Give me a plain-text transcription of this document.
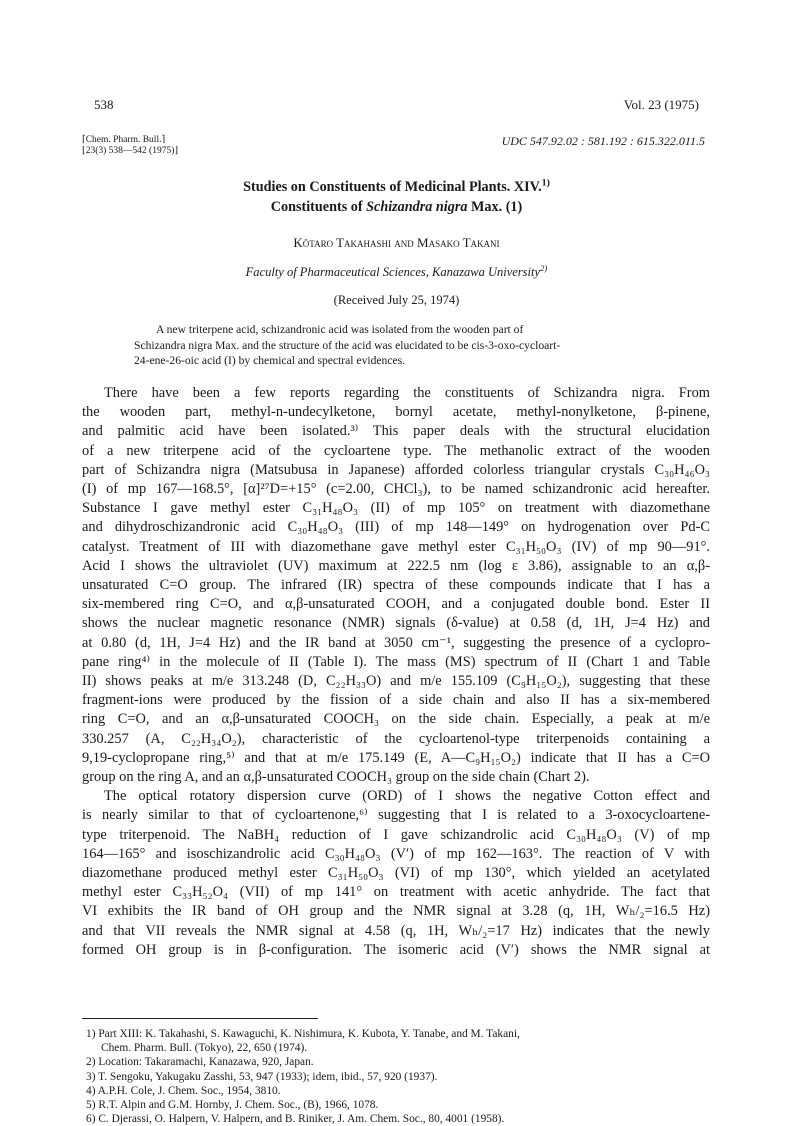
538	Vol. 23 (1975)
⌈Chem. Pharm. Bull.⌉
⌊23(3) 538—542 (1975)⌋
UDC 547.92.02 : 581.192 : 615.322.011.5
Studies on Constituents of Medicinal Plants. XIV.$^{1)}$
Constituents of Schizandra nigra Max. (1)
Kōtaro Takahashi and Masako Takani
Faculty of Pharmaceutical Sciences, Kanazawa University$^{2)}$
(Received July 25, 1974)
A new triterpene acid, schizandronic acid was isolated from the wooden part of
Schizandra nigra Max. and the structure of the acid was elucidated to be cis-3-oxo-cycloart-
24-ene-26-oic acid (I) by chemical and spectral evidences.
There have been a few reports regarding the constituents of Schizandra nigra. From
the wooden part, methyl-n-undecylketone, bornyl acetate, methyl-nonylketone, β-pinene,
and palmitic acid have been isolated.³⁾ This paper deals with the structural elucidation
of a new triterpene acid of the cycloartene type. The methanolic extract of the wooden
part of Schizandra nigra (Matsubusa in Japanese) afforded colorless triangular crystals C₃₀H₄₆O₃
(I) of mp 167—168.5°, [α]²⁷D=+15° (c=2.00, CHCl₃), to be named schizandronic acid hereafter.
Substance I gave methyl ester C₃₁H₄₈O₃ (II) of mp 105° on treatment with diazomethane
and dihydroschizandronic acid C₃₀H₄₈O₃ (III) of mp 148—149° on hydrogenation over Pd-C
catalyst. Treatment of III with diazomethane gave methyl ester C₃₁H₅₀O₃ (IV) of mp 90—91°.
Acid I shows the ultraviolet (UV) maximum at 222.5 nm (log ε 3.86), assignable to an α,β-
unsaturated C=O group. The infrared (IR) spectra of these compounds indicate that I has a
six-membered ring C=O, and α,β-unsaturated COOH, and a conjugated double bond. Ester II
shows the nuclear magnetic resonance (NMR) signals (δ-value) at 0.58 (d, 1H, J=4 Hz) and
at 0.80 (d, 1H, J=4 Hz) and the IR band at 3050 cm⁻¹, suggesting the presence of a cyclopro-
pane ring⁴⁾ in the molecule of II (Table I). The mass (MS) spectrum of II (Chart 1 and Table
II) shows peaks at m/e 313.248 (D, C₂₂H₃₃O) and m/e 155.109 (C₉H₁₅O₂), suggesting that these
fragment-ions were produced by the fission of a side chain and also II has a six-membered
ring C=O, and an α,β-unsaturated COOCH₃ on the side chain. Especially, a peak at m/e
330.257 (A, C₂₂H₃₄O₂), characteristic of the cycloartenol-type triterpenoids containing a
9,19-cyclopropane ring,⁵⁾ and that at m/e 175.149 (E, A—C₉H₁₅O₂) indicate that II has a C=O
group on the ring A, and an α,β-unsaturated COOCH₃ group on the side chain (Chart 2).
The optical rotatory dispersion curve (ORD) of I shows the negative Cotton effect and
is nearly similar to that of cycloartenone,⁶⁾ suggesting that I is related to a 3-oxocycloartene-
type triterpenoid. The NaBH₄ reduction of I gave schizandrolic acid C₃₀H₄₈O₃ (V) of mp
164—165° and isoschizandrolic acid C₃₀H₄₈O₃ (V′) of mp 162—163°. The reaction of V with
diazomethane produced methyl ester C₃₁H₅₀O₃ (VI) of mp 130°, which yielded an acetylated
methyl ester C₃₃H₅₂O₄ (VII) of mp 141° on treatment with acetic anhydride. The fact that
VI exhibits the IR band of OH group and the NMR signal at 3.28 (q, 1H, Wₕ/₂=16.5 Hz)
and that VII reveals the NMR signal at 4.58 (q, 1H, Wₕ/₂=17 Hz) indicates that the newly
formed OH group is in β-configuration. The isomeric acid (V′) shows the NMR signal at
1) Part XIII: K. Takahashi, S. Kawaguchi, K. Nishimura, K. Kubota, Y. Tanabe, and M. Takani,
Chem. Pharm. Bull. (Tokyo), 22, 650 (1974).
2) Location: Takaramachi, Kanazawa, 920, Japan.
3) T. Sengoku, Yakugaku Zasshi, 53, 947 (1933); idem, ibid., 57, 920 (1937).
4) A.P.H. Cole, J. Chem. Soc., 1954, 3810.
5) R.T. Alpin and G.M. Hornby, J. Chem. Soc., (B), 1966, 1078.
6) C. Djerassi, O. Halpern, V. Halpern, and B. Riniker, J. Am. Chem. Soc., 80, 4001 (1958).
